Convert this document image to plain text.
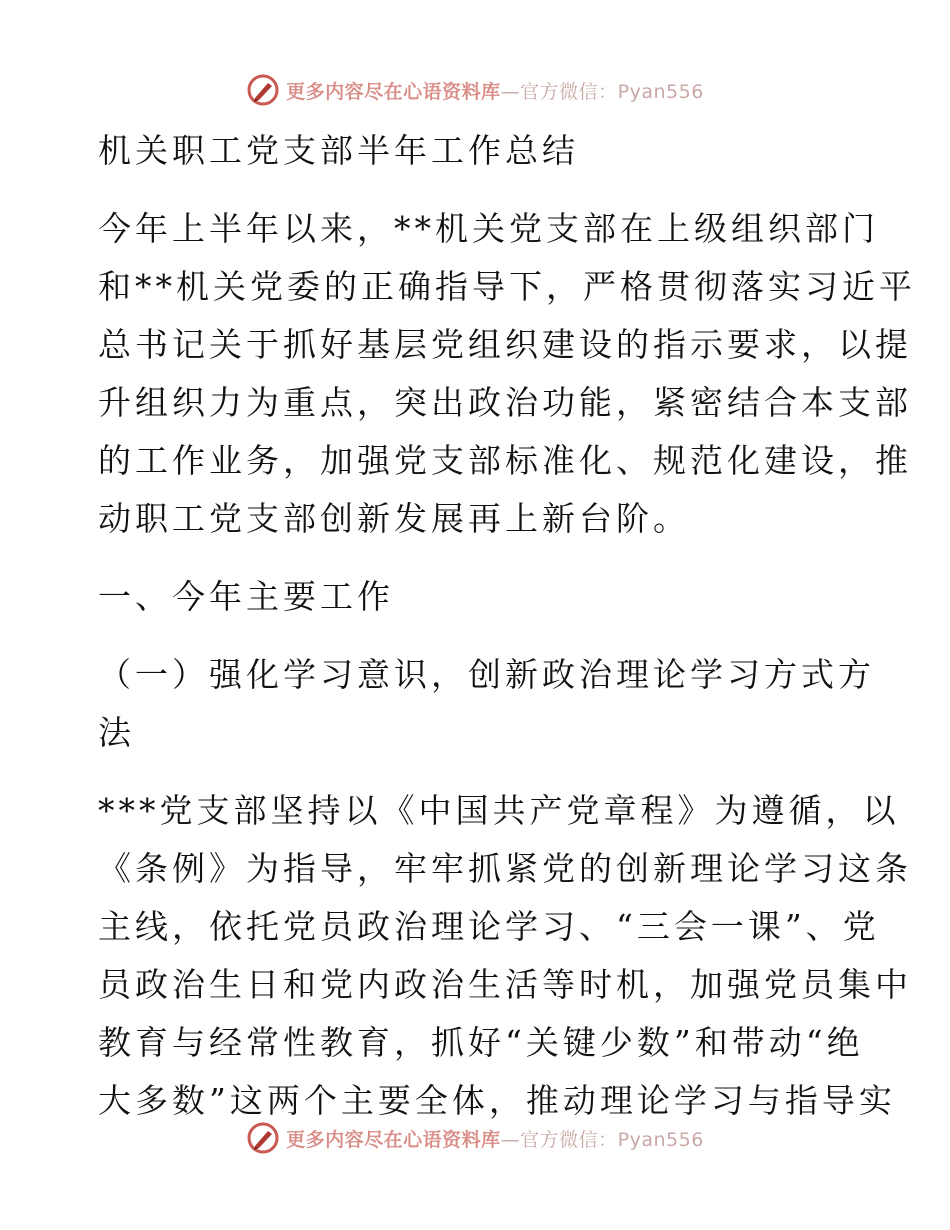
更多内容尽在心语资料库—官方微信：Pyan556
机关职工党支部半年工作总结
今年上半年以来，**机关党支部在上级组织部门
和**机关党委的正确指导下，严格贯彻落实习近平
总书记关于抓好基层党组织建设的指示要求，以提
升组织力为重点，突出政治功能，紧密结合本支部
的工作业务，加强党支部标准化、规范化建设，推
动职工党支部创新发展再上新台阶。
一、今年主要工作
（一）强化学习意识，创新政治理论学习方式方
法
***党支部坚持以《中国共产党章程》为遵循，以
《条例》为指导，牢牢抓紧党的创新理论学习这条
主线，依托党员政治理论学习、“三会一课”、党
员政治生日和党内政治生活等时机，加强党员集中
教育与经常性教育，抓好“关键少数”和带动“绝
大多数”这两个主要全体，推动理论学习与指导实
更多内容尽在心语资料库—官方微信：Pyan556
